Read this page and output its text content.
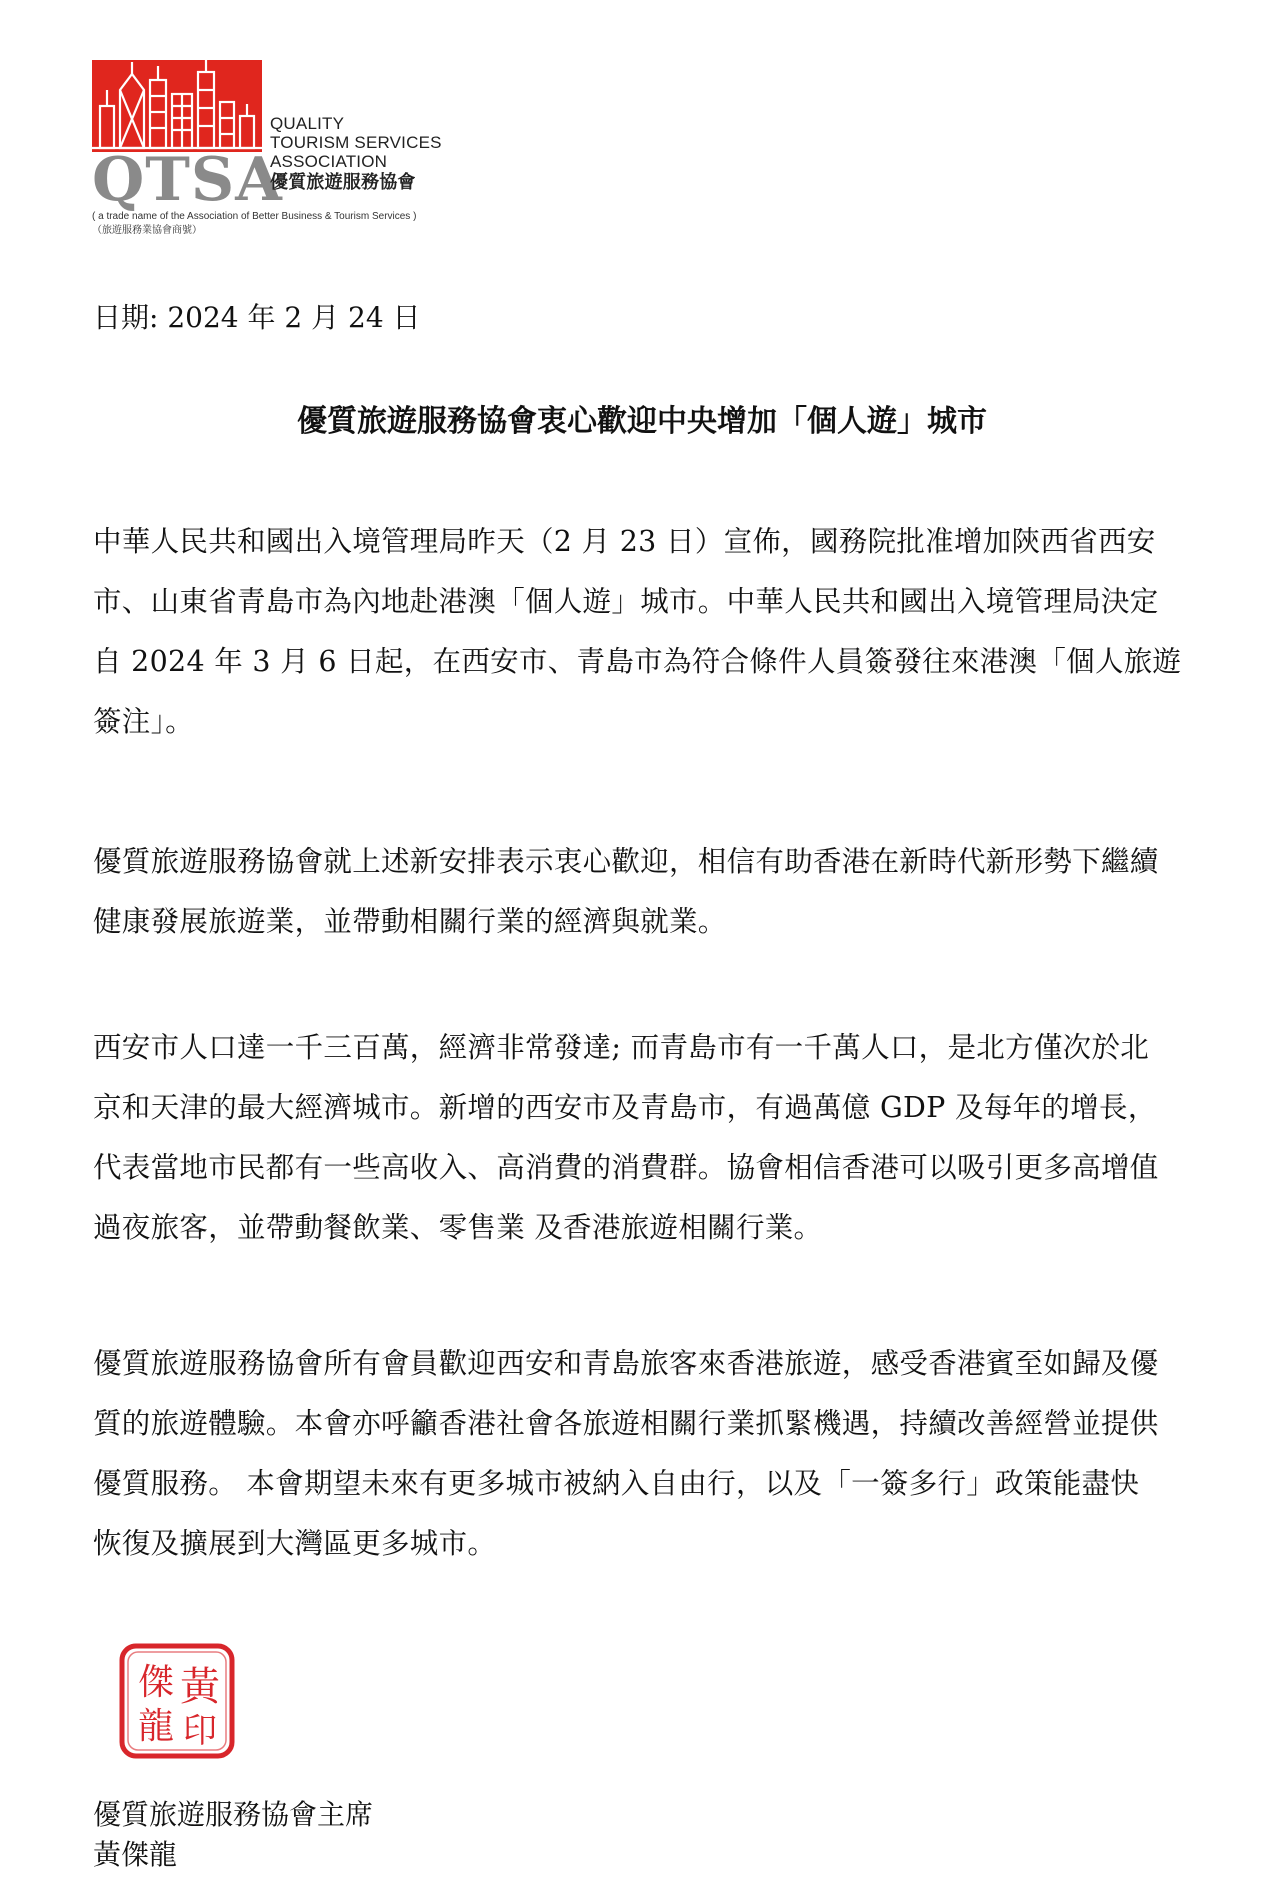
QTSA
QUALITY
TOURISM SERVICES
ASSOCIATION
優質旅遊服務協會
( a trade name of the Association of Better Business & Tourism Services )
（旅遊服務業協會商號）
日期: 2024 年 2 月 24 日
優質旅遊服務協會衷心歡迎中央增加「個人遊」城市
中華人民共和國出入境管理局昨天（2 月 23 日）宣佈，國務院批准增加陝西省西安
市、山東省青島市為內地赴港澳「個人遊」城市。中華人民共和國出入境管理局決定
自 2024 年 3 月 6 日起，在西安市、青島市為符合條件人員簽發往來港澳「個人旅遊
簽注」。
優質旅遊服務協會就上述新安排表示衷心歡迎，相信有助香港在新時代新形勢下繼續
健康發展旅遊業，並帶動相關行業的經濟與就業。
西安市人口達一千三百萬，經濟非常發達; 而青島市有一千萬人口，是北方僅次於北
京和天津的最大經濟城市。新增的西安市及青島市，有過萬億 GDP 及每年的增長，
代表當地市民都有一些高收入、高消費的消費群。協會相信香港可以吸引更多高增值
過夜旅客，並帶動餐飲業、零售業 及香港旅遊相關行業。
優質旅遊服務協會所有會員歡迎西安和青島旅客來香港旅遊，感受香港賓至如歸及優
質的旅遊體驗。本會亦呼籲香港社會各旅遊相關行業抓緊機遇，持續改善經營並提供
優質服務。 本會期望未來有更多城市被納入自由行，以及「一簽多行」政策能盡快
恢復及擴展到大灣區更多城市。
黃
傑
龍 印
優質旅遊服務協會主席
黃傑龍
